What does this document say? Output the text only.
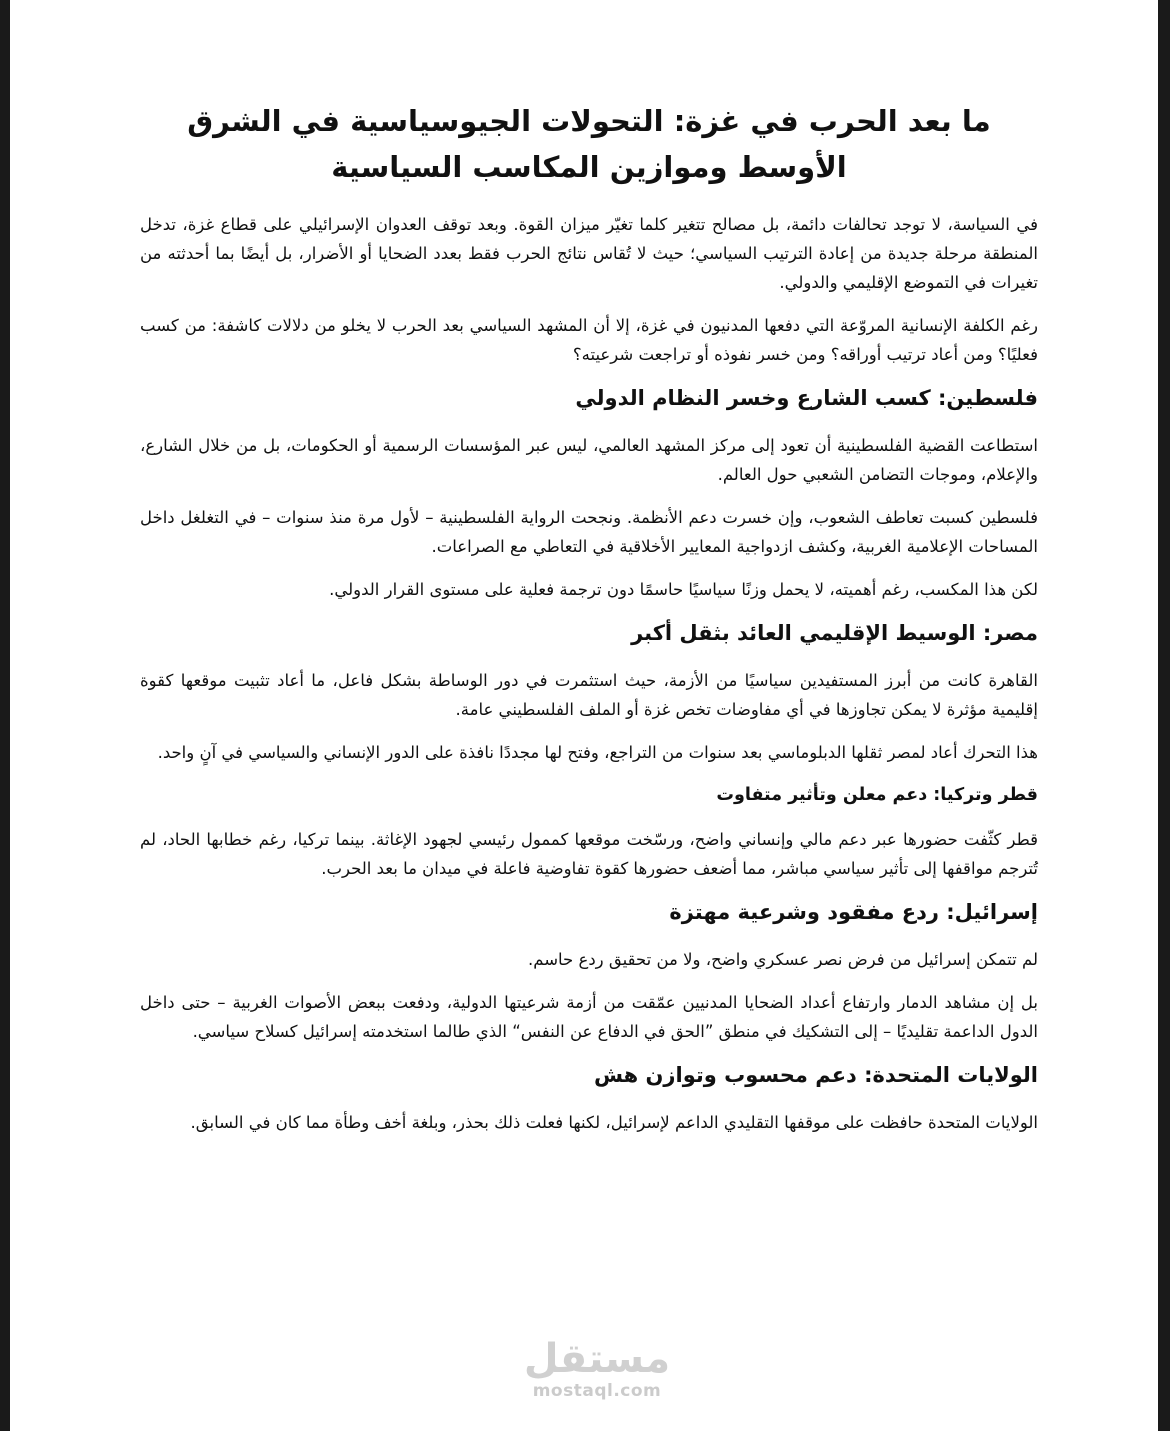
ما بعد الحرب في غزة: التحولات الجيوسياسية في الشرق الأوسط وموازين المكاسب السياسية

في السياسة، لا توجد تحالفات دائمة، بل مصالح تتغير كلما تغيّر ميزان القوة. وبعد توقف العدوان الإسرائيلي على قطاع غزة، تدخل المنطقة مرحلة جديدة من إعادة الترتيب السياسي؛ حيث لا تُقاس نتائج الحرب فقط بعدد الضحايا أو الأضرار، بل أيضًا بما أحدثته من تغيرات في التموضع الإقليمي والدولي.

رغم الكلفة الإنسانية المروّعة التي دفعها المدنيون في غزة، إلا أن المشهد السياسي بعد الحرب لا يخلو من دلالات كاشفة: من كسب فعليًا؟ ومن أعاد ترتيب أوراقه؟ ومن خسر نفوذه أو تراجعت شرعيته؟

فلسطين: كسب الشارع وخسر النظام الدولي

استطاعت القضية الفلسطينية أن تعود إلى مركز المشهد العالمي، ليس عبر المؤسسات الرسمية أو الحكومات، بل من خلال الشارع، والإعلام، وموجات التضامن الشعبي حول العالم.

فلسطين كسبت تعاطف الشعوب، وإن خسرت دعم الأنظمة. ونجحت الرواية الفلسطينية – لأول مرة منذ سنوات – في التغلغل داخل المساحات الإعلامية الغربية، وكشف ازدواجية المعايير الأخلاقية في التعاطي مع الصراعات.

لكن هذا المكسب، رغم أهميته، لا يحمل وزنًا سياسيًا حاسمًا دون ترجمة فعلية على مستوى القرار الدولي.

مصر: الوسيط الإقليمي العائد بثقل أكبر

القاهرة كانت من أبرز المستفيدين سياسيًا من الأزمة، حيث استثمرت في دور الوساطة بشكل فاعل، ما أعاد تثبيت موقعها كقوة إقليمية مؤثرة لا يمكن تجاوزها في أي مفاوضات تخص غزة أو الملف الفلسطيني عامة.

هذا التحرك أعاد لمصر ثقلها الدبلوماسي بعد سنوات من التراجع، وفتح لها مجددًا نافذة على الدور الإنساني والسياسي في آنٍ واحد.

قطر وتركيا: دعم معلن وتأثير متفاوت

قطر كثّفت حضورها عبر دعم مالي وإنساني واضح، ورسّخت موقعها كممول رئيسي لجهود الإغاثة. بينما تركيا، رغم خطابها الحاد، لم تُترجم مواقفها إلى تأثير سياسي مباشر، مما أضعف حضورها كقوة تفاوضية فاعلة في ميدان ما بعد الحرب.

إسرائيل: ردع مفقود وشرعية مهتزة

لم تتمكن إسرائيل من فرض نصر عسكري واضح، ولا من تحقيق ردع حاسم.

بل إن مشاهد الدمار وارتفاع أعداد الضحايا المدنيين عمّقت من أزمة شرعيتها الدولية، ودفعت ببعض الأصوات الغربية – حتى داخل الدول الداعمة تقليديًا – إلى التشكيك في منطق ”الحق في الدفاع عن النفس“ الذي طالما استخدمته إسرائيل كسلاح سياسي.

الولايات المتحدة: دعم محسوب وتوازن هش

الولايات المتحدة حافظت على موقفها التقليدي الداعم لإسرائيل، لكنها فعلت ذلك بحذر، وبلغة أخف وطأة مما كان في السابق.

مستقل
mostaql.com
